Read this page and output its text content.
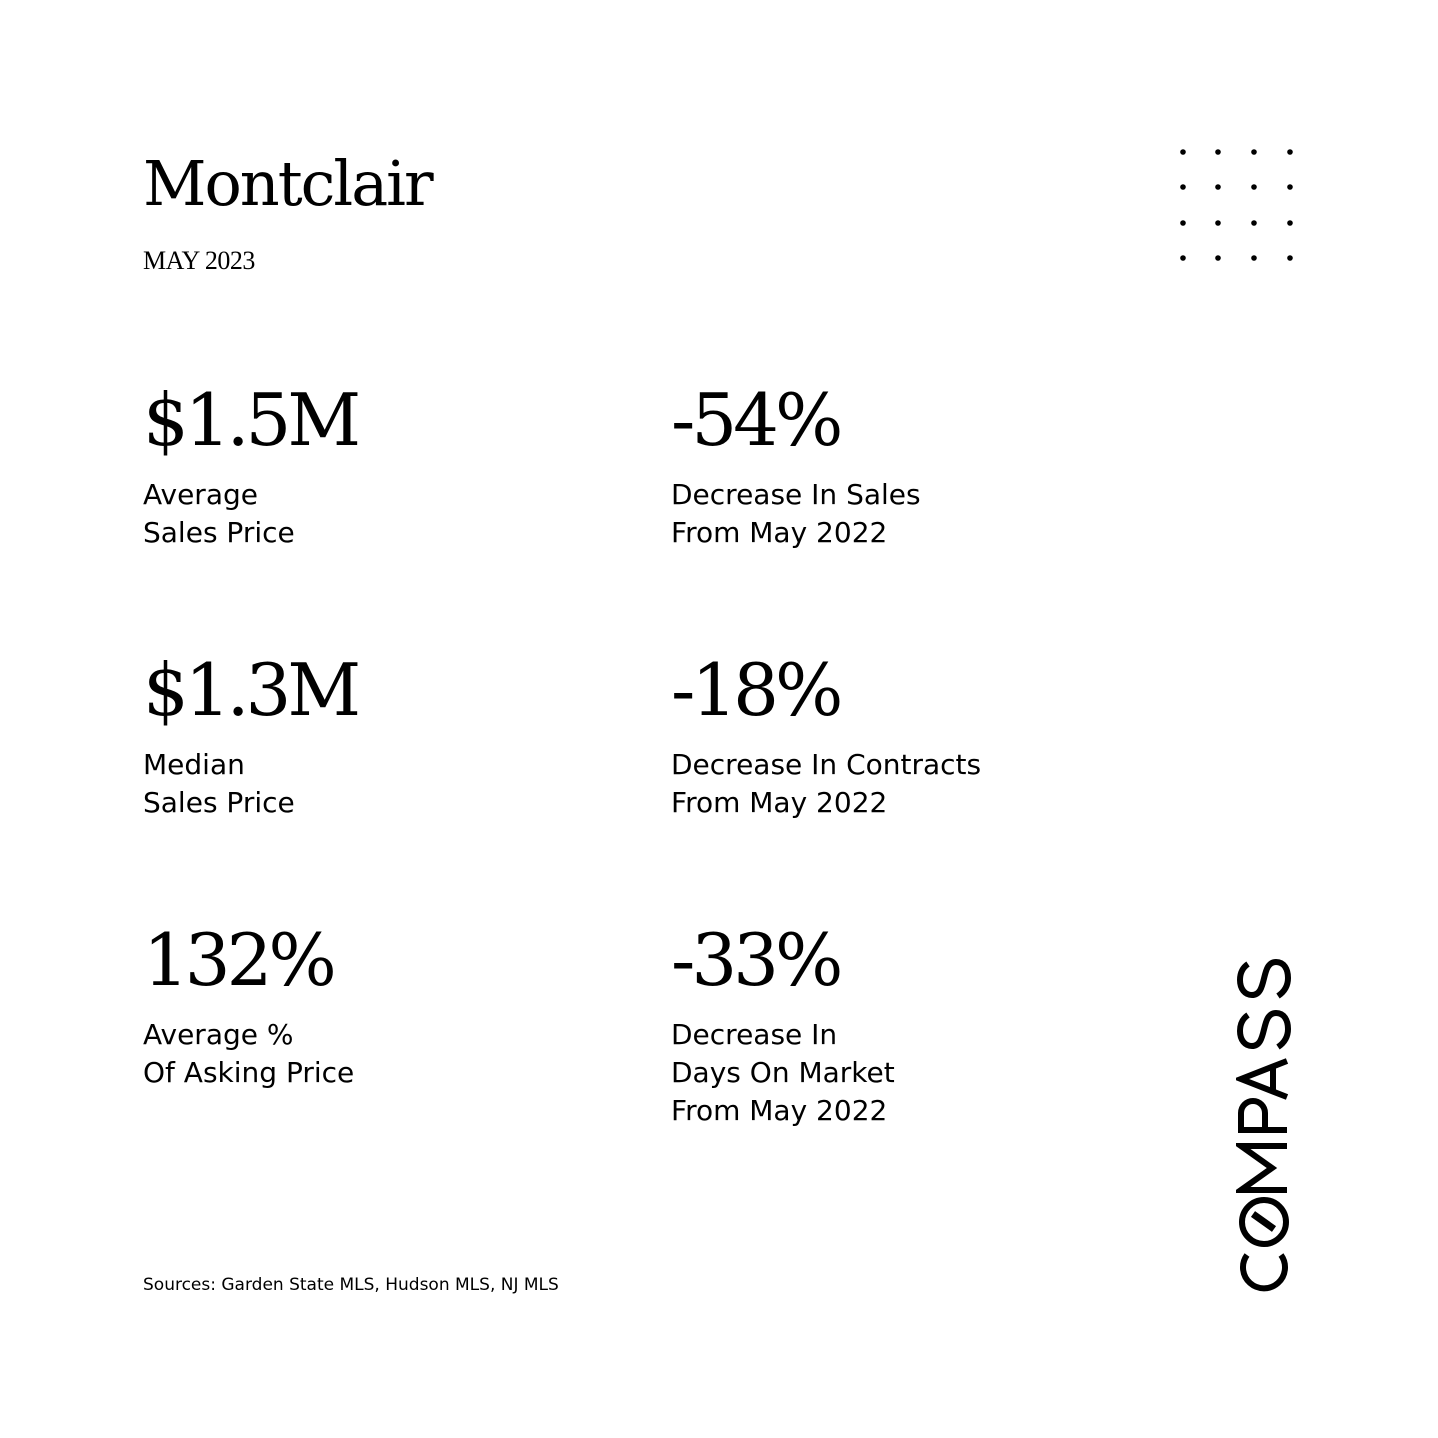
Montclair
MAY 2023
$1.5M
Average
Sales Price
-54%
Decrease In Sales
From May 2022
$1.3M
Median
Sales Price
-18%
Decrease In Contracts
From May 2022
132%
Average %
Of Asking Price
-33%
Decrease In
Days On Market
From May 2022
Sources: Garden State MLS, Hudson MLS, NJ MLS
